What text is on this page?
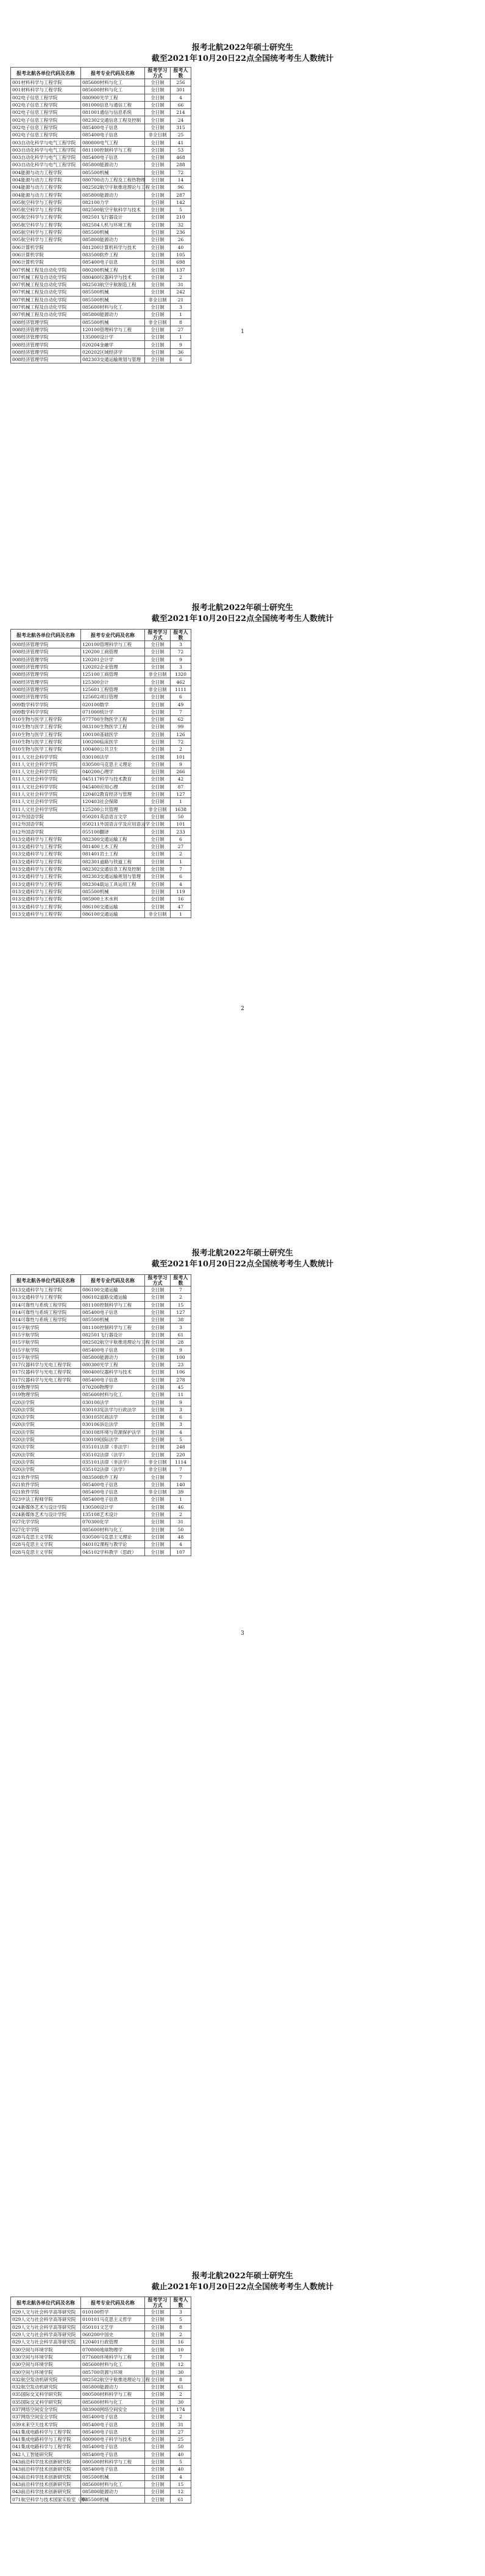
报考北航2022年硕士研究生

截至2021年10月20日22点全国统考考生人数统计

报考北航各单位代码及名称	报考专业代码及名称	报考学习方式	报考人数
001材料科学与工程学院	085600材料与化工	全日制	256
001材料科学与工程学院	085600材料与化工	全日制	301
002电子信息工程学院	080900光学工程	全日制	4
002电子信息工程学院	081000信息与通信工程	全日制	66
002电子信息工程学院	081001通信与信息系统	全日制	214
002电子信息工程学院	082302交通信息工程及控制	全日制	24
002电子信息工程学院	085400电子信息	全日制	315
002电子信息工程学院	085400电子信息	非全日制	25
003自动化科学与电气工程学院	080800电气工程	全日制	41
003自动化科学与电气工程学院	081100控制科学与工程	全日制	53
003自动化科学与电气工程学院	085400电子信息	全日制	468
003自动化科学与电气工程学院	085800能源动力	全日制	288
004能源与动力工程学院	085500机械	全日制	72
004能源与动力工程学院	080700动力工程及工程热物理	全日制	14
004能源与动力工程学院	082502航空宇航推进理论与工程	全日制	96
004能源与动力工程学院	085800能源动力	全日制	287
005航空科学与工程学院	082100力学	全日制	142
005航空科学与工程学院	082500航空宇航科学与技术	全日制	5
005航空科学与工程学院	082501飞行器设计	全日制	210
005航空科学与工程学院	082504人机与环境工程	全日制	32
005航空科学与工程学院	085500机械	全日制	236
005航空科学与工程学院	085800能源动力	全日制	26
006计算机学院	081200计算机科学与技术	全日制	40
006计算机学院	083500软件工程	全日制	105
006计算机学院	085400电子信息	全日制	698
007机械工程及自动化学院	080200机械工程	全日制	137
007机械工程及自动化学院	080400仪器科学与技术	全日制	2
007机械工程及自动化学院	082503航空宇航制造工程	全日制	31
007机械工程及自动化学院	085500机械	全日制	242
007机械工程及自动化学院	085500机械	非全日制	21
007机械工程及自动化学院	085600材料与化工	全日制	3
007机械工程及自动化学院	085800能源动力	全日制	1
008经济管理学院	085500机械	非全日制	8
008经济管理学院	120100管理科学与工程	全日制	27
008经济管理学院	135000设计学	全日制	1
008经济管理学院	020204金融学	全日制	9
008经济管理学院	020202区域经济学	全日制	36
008经济管理学院	082303交通运输规划与管理	全日制	6
1

报考北航2022年硕士研究生

截至2021年10月20日22点全国统考考生人数统计

报考北航各单位代码及名称	报考专业代码及名称	报考学习方式	报考人数
008经济管理学院	120100管理科学与工程	全日制	3
008经济管理学院	120200工商管理	全日制	72
008经济管理学院	120201会计学	全日制	9
008经济管理学院	120202企业管理	全日制	3
008经济管理学院	125100工商管理	非全日制	1320
008经济管理学院	125300会计	全日制	462
008经济管理学院	125601工程管理	非全日制	1111
008经济管理学院	125602项目管理	全日制	6
009数学科学学院	020100数学	全日制	49
009数学科学学院	071000统计学	全日制	7
010生物与医学工程学院	077700生物医学工程	全日制	62
010生物与医学工程学院	083100生物医学工程	全日制	99
010生物与医学工程学院	100100基础医学	全日制	126
010生物与医学工程学院	100200临床医学	全日制	72
010生物与医学工程学院	100400公共卫生	全日制	2
011人文社会科学学院	030100法学	全日制	101
011人文社会科学学院	030500马克思主义理论	全日制	9
011人文社会科学学院	040200心理学	全日制	266
011人文社会科学学院	045117科学与技术教育	全日制	42
011人文社会科学学院	045400应用心理	全日制	87
011人文社会科学学院	120402教育经济与管理	全日制	127
011人文社会科学学院	120403社会保障	全日制	1
011人文社会科学学院	125200公共管理	非全日制	1638
012外国语学院	050201英语语言文学	全日制	50
012外国语学院	050211外国语言学及应用语言学	全日制	101
012外国语学院	055100翻译	全日制	233
013交通科学与工程学院	082300交通运输工程	全日制	6
013交通科学与工程学院	081400土木工程	全日制	27
013交通科学与工程学院	081401岩土工程	全日制	2
013交通科学与工程学院	082301道路与铁道工程	全日制	1
013交通科学与工程学院	082302交通信息工程及控制	全日制	7
013交通科学与工程学院	082303交通运输规划与管理	全日制	6
013交通科学与工程学院	082304载运工具运用工程	全日制	4
013交通科学与工程学院	085500机械	全日制	119
013交通科学与工程学院	085900土木水利	全日制	16
013交通科学与工程学院	086100交通运输	全日制	47
013交通科学与工程学院	086100交通运输	非全日制	1
2

报考北航2022年硕士研究生

截至2021年10月20日22点全国统考考生人数统计

报考北航各单位代码及名称	报考专业代码及名称	报考学习方式	报考人数
013交通科学与工程学院	086100交通运输	全日制	7
013交通科学与工程学院	086102道路交通运输	全日制	2
014可靠性与系统工程学院	081100控制科学与工程	全日制	15
014可靠性与系统工程学院	085400电子信息	全日制	127
014可靠性与系统工程学院	085500机械	全日制	38
015宇航学院	081100控制科学与工程	全日制	3
015宇航学院	082501飞行器设计	全日制	61
015宇航学院	082502航空宇航推进理论与工程	全日制	28
015宇航学院	085400电子信息	全日制	9
015宇航学院	085800能源动力	全日制	100
017仪器科学与光电工程学院	080300光学工程	全日制	23
017仪器科学与光电工程学院	080400仪器科学与技术	全日制	106
017仪器科学与光电工程学院	085400电子信息	全日制	278
019物理学院	070200物理学	全日制	45
019物理学院	085600材料与化工	全日制	11
020法学院	030100法学	全日制	9
020法学院	030103宪法学与行政法学	全日制	3
020法学院	030105民商法学	全日制	6
020法学院	030106诉讼法学	全日制	3
020法学院	030108环境与资源保护法学	全日制	4
020法学院	030109国际法学	全日制	5
020法学院	035101法律（非法学）	全日制	248
020法学院	035102法律（法学）	全日制	220
020法学院	035101法律（非法学）	非全日制	1114
020法学院	035102法律（法学）	非全日制	7
021软件学院	083500软件工程	全日制	7
021软件学院	085400电子信息	全日制	140
021软件学院	085400电子信息	非全日制	39
023中法工程师学院	085400电子信息	全日制	1
024新媒体艺术与设计学院	130500设计学	全日制	46
024新媒体艺术与设计学院	135108艺术设计	全日制	2
027化学学院	070300化学	全日制	31
027化学学院	085600材料与化工	全日制	50
028马克思主义学院	030500马克思主义理论	全日制	48
028马克思主义学院	040102课程与教学论	全日制	4
028马克思主义学院	045102学科教学（思政）	全日制	107
3

报考北航2022年硕士研究生

截止2021年10月20日22点全国统考考生人数统计

报考北航各单位代码及名称	报考专业代码及名称	报考学习方式	报考人数
029人文与社会科学高等研究院	010100哲学	全日制	3
029人文与社会科学高等研究院	010101马克思主义哲学	全日制	5
029人文与社会科学高等研究院	050101文艺学	全日制	8
029人文与社会科学高等研究院	060200中国史	全日制	2
029人文与社会科学高等研究院	120401行政管理	全日制	16
030空间与环境学院	070800地球物理学	全日制	10
030空间与环境学院	077600环境科学与工程	全日制	7
030空间与环境学院	085600材料与化工	全日制	12
030空间与环境学院	085700资源与环境	全日制	30
032航空发动机研究院	082502航空宇航推进理论与工程	全日制	8
032航空发动机研究院	085800能源动力	全日制	61
035国际交叉科学研究院	080500材料科学与工程	全日制	2
035国际交叉科学研究院	085600材料与化工	全日制	30
037网络空间安全学院	083900网络空间安全	全日制	174
037网络空间安全学院	085400电子信息	全日制	2
039未来空天技术学院	085400电子信息	全日制	31
041集成电路科学与工程学院	085400电子信息	全日制	27
041集成电路科学与工程学院	080900电子科学与技术	全日制	25
041集成电路科学与工程学院	085400电子信息	全日制	50
042人工智能研究院	085400电子信息	全日制	40
043前沿科学技术创新研究院	080500材料科学与工程	全日制	5
043前沿科学技术创新研究院	085400电子信息	全日制	40
043前沿科学技术创新研究院	085500机械	全日制	4
043前沿科学技术创新研究院	085600材料与化工	全日制	15
043前沿科学技术创新研究院	085800能源动力	全日制	12
071航空科学与技术国家实验室（筹）	085500机械	全日制	61
